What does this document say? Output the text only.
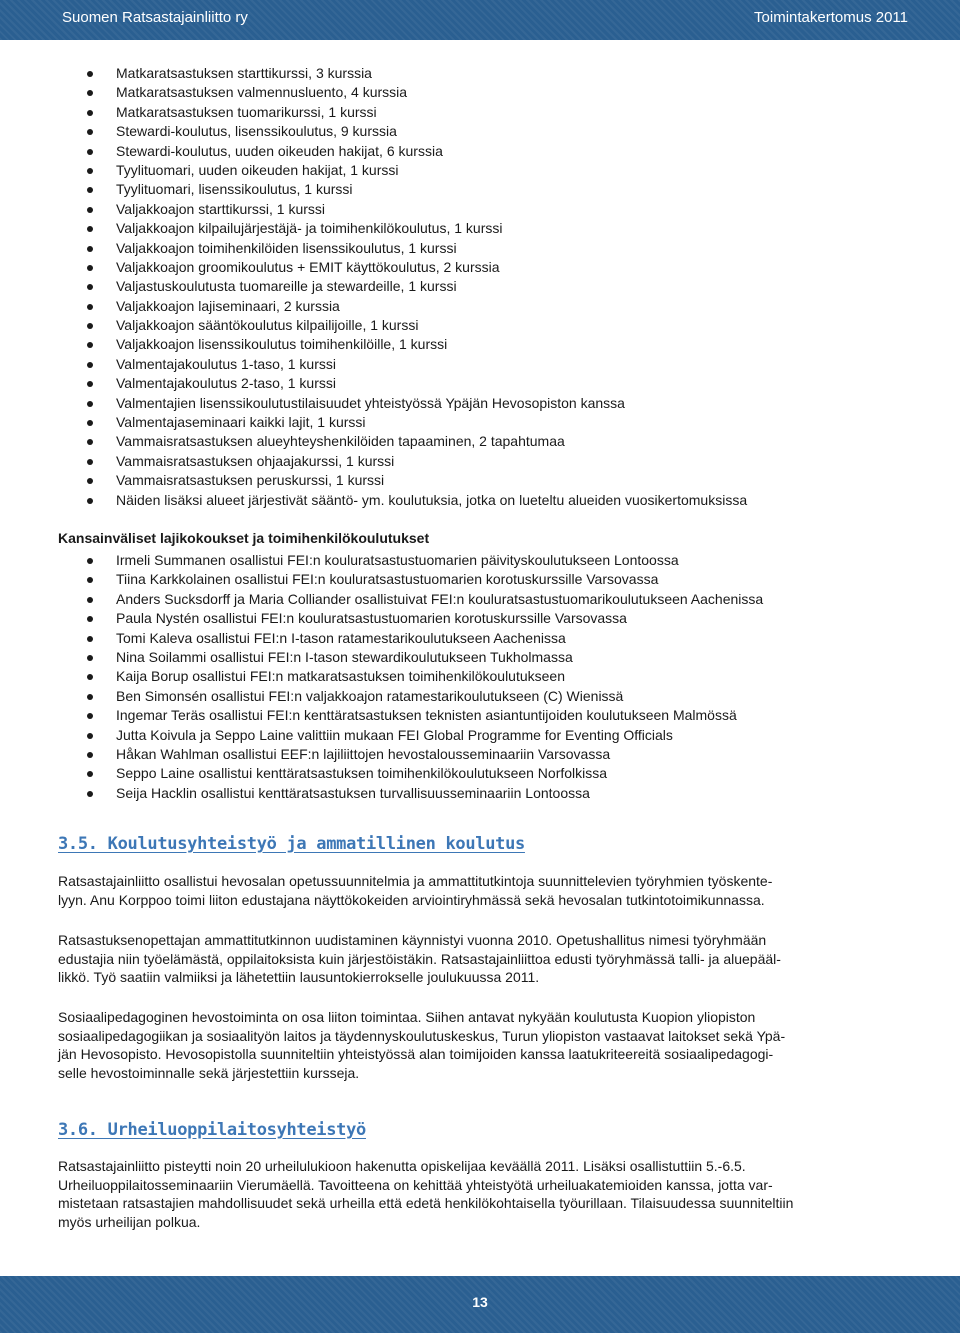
Suomen Ratsastajainliitto ry	Toimintakertomus 2011
Matkaratsastuksen starttikurssi, 3 kurssia
Matkaratsastuksen valmennusluento, 4 kurssia
Matkaratsastuksen tuomarikurssi, 1 kurssi
Stewardi-koulutus, lisenssikoulutus, 9 kurssia
Stewardi-koulutus, uuden oikeuden hakijat, 6 kurssia
Tyylituomari, uuden oikeuden hakijat, 1 kurssi
Tyylituomari, lisenssikoulutus, 1 kurssi
Valjakkoajon starttikurssi, 1 kurssi
Valjakkoajon kilpailujärjestäjä- ja toimihenkilökoulutus, 1 kurssi
Valjakkoajon toimihenkilöiden lisenssikoulutus, 1 kurssi
Valjakkoajon groomikoulutus + EMIT käyttökoulutus, 2 kurssia
Valjastuskoulutusta tuomareille ja stewardeille, 1 kurssi
Valjakkoajon lajiseminaari, 2 kurssia
Valjakkoajon sääntökoulutus kilpailijoille, 1 kurssi
Valjakkoajon lisenssikoulutus toimihenkilöille, 1 kurssi
Valmentajakoulutus 1-taso, 1 kurssi
Valmentajakoulutus 2-taso, 1 kurssi
Valmentajien lisenssikoulutustilaisuudet yhteistyössä Ypäjän Hevosopiston kanssa
Valmentajaseminaari kaikki lajit, 1 kurssi
Vammaisratsastuksen alueyhteyshenkilöiden tapaaminen, 2 tapahtumaa
Vammaisratsastuksen ohjaajakurssi, 1 kurssi
Vammaisratsastuksen peruskurssi, 1 kurssi
Näiden lisäksi alueet järjestivät sääntö- ym. koulutuksia, jotka on lueteltu alueiden vuosikertomuksissa
Kansainväliset lajikokoukset ja toimihenkilökoulutukset
Irmeli Summanen osallistui FEI:n kouluratsastustuomarien päivityskoulutukseen Lontoossa
Tiina Karkkolainen osallistui FEI:n kouluratsastustuomarien korotuskurssille Varsovassa
Anders Sucksdorff ja Maria Colliander osallistuivat FEI:n kouluratsastustuomarikoulutukseen Aachenissa
Paula Nystén osallistui FEI:n kouluratsastustuomarien korotuskurssille Varsovassa
Tomi Kaleva osallistui FEI:n I-tason ratamestarikoulutukseen Aachenissa
Nina Soilammi osallistui FEI:n I-tason stewardikoulutukseen Tukholmassa
Kaija Borup osallistui FEI:n matkaratsastuksen toimihenkilökoulutukseen
Ben Simonsén osallistui FEI:n valjakkoajon ratamestarikoulutukseen (C) Wienissä
Ingemar Teräs osallistui FEI:n kenttäratsastuksen teknisten asiantuntijoiden koulutukseen Malmössä
Jutta Koivula ja Seppo Laine valittiin mukaan FEI Global Programme for Eventing Officials
Håkan Wahlman osallistui EEF:n lajiliittojen hevostalousseminaariin Varsovassa
Seppo Laine osallistui kenttäratsastuksen toimihenkilökoulutukseen Norfolkissa
Seija Hacklin osallistui kenttäratsastuksen turvallisuusseminaariin Lontoossa
3.5. Koulutusyhteistyö ja ammatillinen koulutus

Ratsastajainliitto osallistui hevosalan opetussuunnitelmia ja ammattitutkintoja suunnittelevien työryhmien työskente-
lyyn. Anu Korppoo toimi liiton edustajana näyttökokeiden arviointiryhmässä sekä hevosalan tutkintotoimikunnassa.

Ratsastuksenopettajan ammattitutkinnon uudistaminen käynnistyi vuonna 2010. Opetushallitus nimesi työryhmään
edustajia niin työelämästä, oppilaitoksista kuin järjestöistäkin. Ratsastajainliittoa edusti työryhmässä talli- ja aluepääl-
likkö. Työ saatiin valmiiksi ja lähetettiin lausuntokierrokselle joulukuussa 2011.

Sosiaalipedagoginen hevostoiminta on osa liiton toimintaa. Siihen antavat nykyään koulutusta Kuopion yliopiston
sosiaalipedagogiikan ja sosiaalityön laitos ja täydennyskoulutuskeskus, Turun yliopiston vastaavat laitokset sekä Ypä-
jän Hevosopisto. Hevosopistolla suunniteltiin yhteistyössä alan toimijoiden kanssa laatukriteereitä sosiaalipedagogi-
selle hevostoiminnalle sekä järjestettiin kursseja.

3.6. Urheiluoppilaitosyhteistyö

Ratsastajainliitto pisteytti noin 20 urheilulukioon hakenutta opiskelijaa keväällä 2011. Lisäksi osallistuttiin 5.-6.5.
Urheiluoppilaitosseminaariin Vierumäellä. Tavoitteena on kehittää yhteistyötä urheiluakatemioiden kanssa, jotta var-
mistetaan ratsastajien mahdollisuudet sekä urheilla että edetä henkilökohtaisella työurillaan. Tilaisuudessa suunniteltiin
myös urheilijan polkua.

13
